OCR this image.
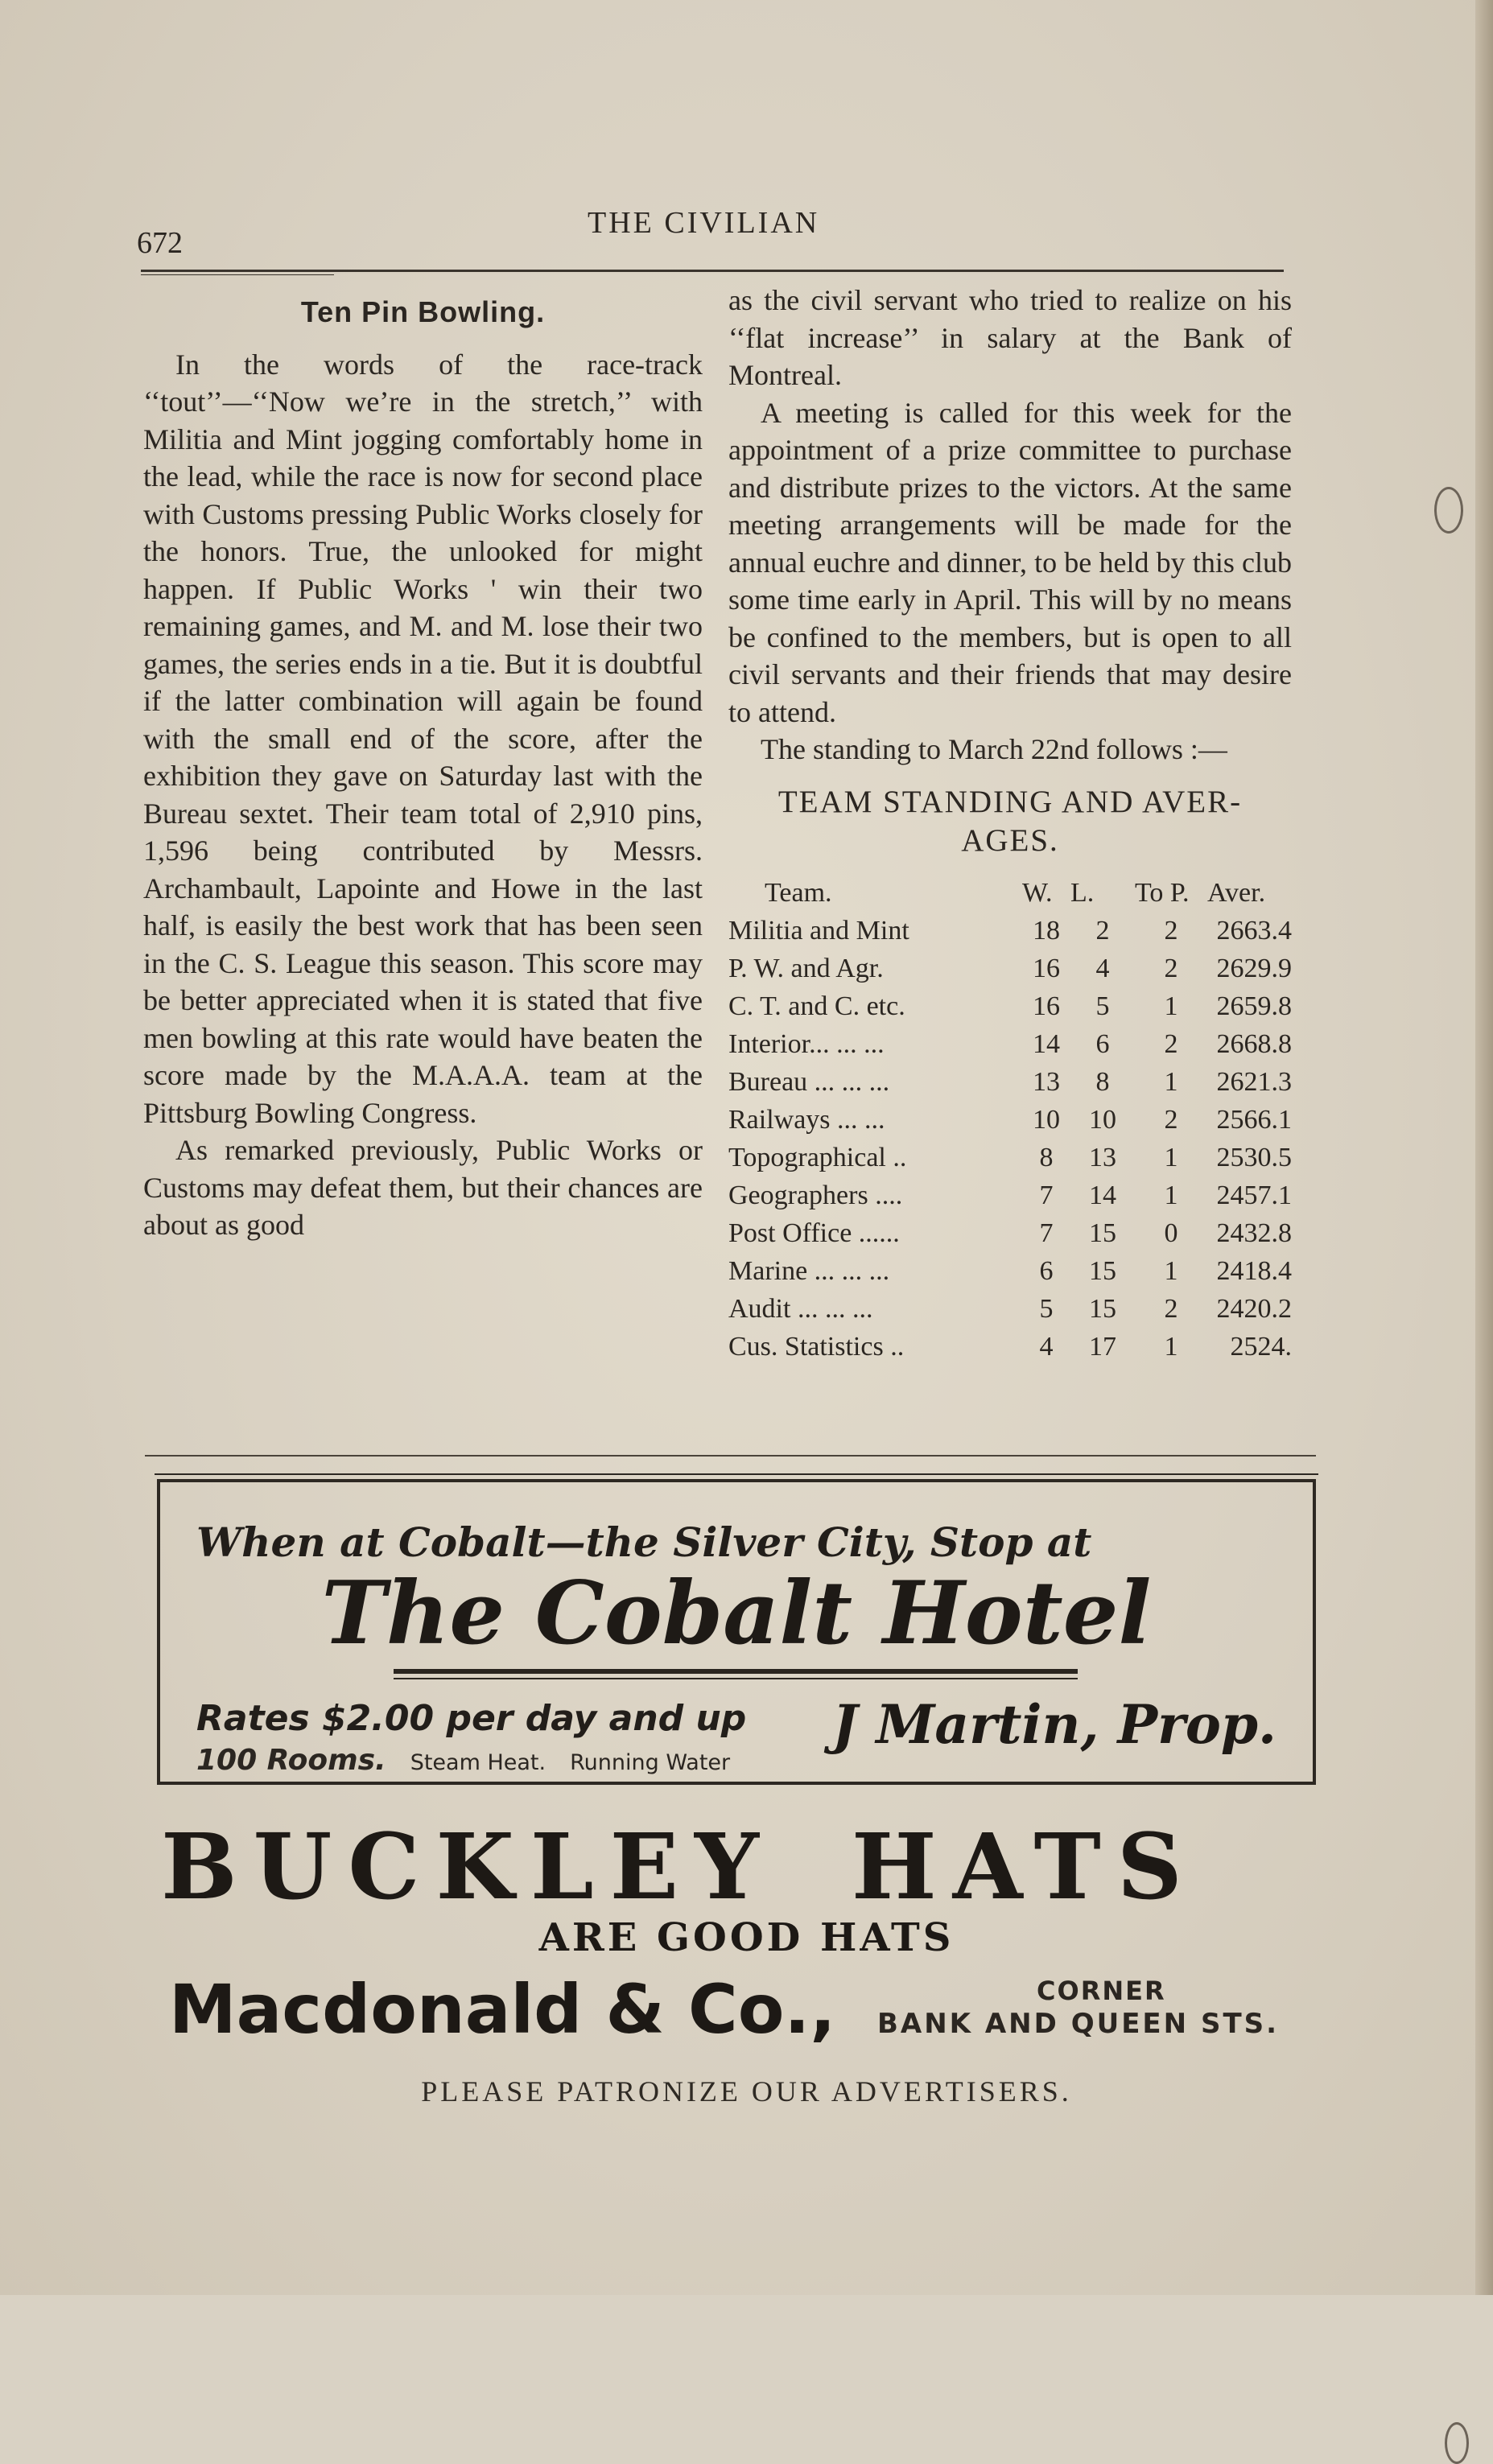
672
THE CIVILIAN
Ten Pin Bowling.

In the words of the race-track ‘‘tout’’—‘‘Now we’re in the stretch,’’ with Militia and Mint jogging comfortably home in the lead, while the race is now for second place with Customs pressing Public Works closely for the honors. True, the unlooked for might happen. If Public Works ' win their two remaining games, and M. and M. lose their two games, the series ends in a tie. But it is doubtful if the latter combination will again be found with the small end of the score, after the exhibition they gave on Saturday last with the Bureau sextet. Their team total of 2,910 pins, 1,596 being contributed by Messrs. Archambault, Lapointe and Howe in the last half, is easily the best work that has been seen in the C. S. League this season. This score may be better appreciated when it is stated that five men bowling at this rate would have beaten the score made by the M.A.A.A. team at the Pittsburg Bowling Congress.

As remarked previously, Public Works or Customs may defeat them, but their chances are about as good

as the civil servant who tried to realize on his ‘‘flat increase’’ in salary at the Bank of Montreal.

A meeting is called for this week for the appointment of a prize committee to purchase and distribute prizes to the victors. At the same meeting arrangements will be made for the annual euchre and dinner, to be held by this club some time early in April. This will by no means be confined to the members, but is open to all civil servants and their friends that may desire to attend.

The standing to March 22nd follows :—

TEAM STANDING AND AVER-
AGES.
Team.	W.	L.	To P.	Aver.
Militia and Mint	18	2	2	2663.4
P. W. and Agr.	16	4	2	2629.9
C. T. and C. etc.	16	5	1	2659.8
Interior... ... ...	14	6	2	2668.8
Bureau ... ... ...	13	8	1	2621.3
Railways ... ...	10	10	2	2566.1
Topographical ..	8	13	1	2530.5
Geographers ....	7	14	1	2457.1
Post Office ......	7	15	0	2432.8
Marine ... ... ...	6	15	1	2418.4
Audit ... ... ...	5	15	2	2420.2
Cus. Statistics ..	4	17	1	2524.
When at Cobalt—the Silver City, Stop at
The Cobalt Hotel
Rates $2.00 per day and up
100 Rooms. Steam Heat. Running Water
J Martin, Prop.
BUCKLEY HATS
ARE GOOD HATS
Macdonald & Co.,	CORNER
BANK AND QUEEN STS.
PLEASE PATRONIZE OUR ADVERTISERS.
